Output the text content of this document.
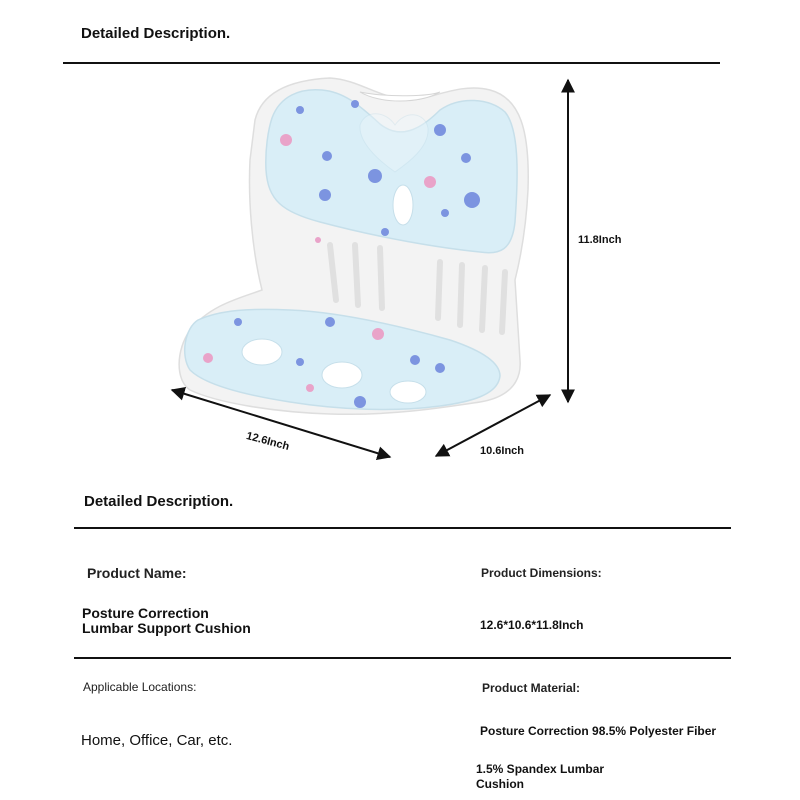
Detailed Description.
11.8Inch
12.6Inch	10.6Inch
Detailed Description.
Product Name:
Posture Correction
Lumbar Support Cushion
Product Dimensions:
12.6*10.6*11.8Inch
Applicable Locations:
Home, Office, Car, etc.
Product Material:
Posture Correction 98.5% Polyester Fiber
1.5% Spandex Lumbar
Cushion
